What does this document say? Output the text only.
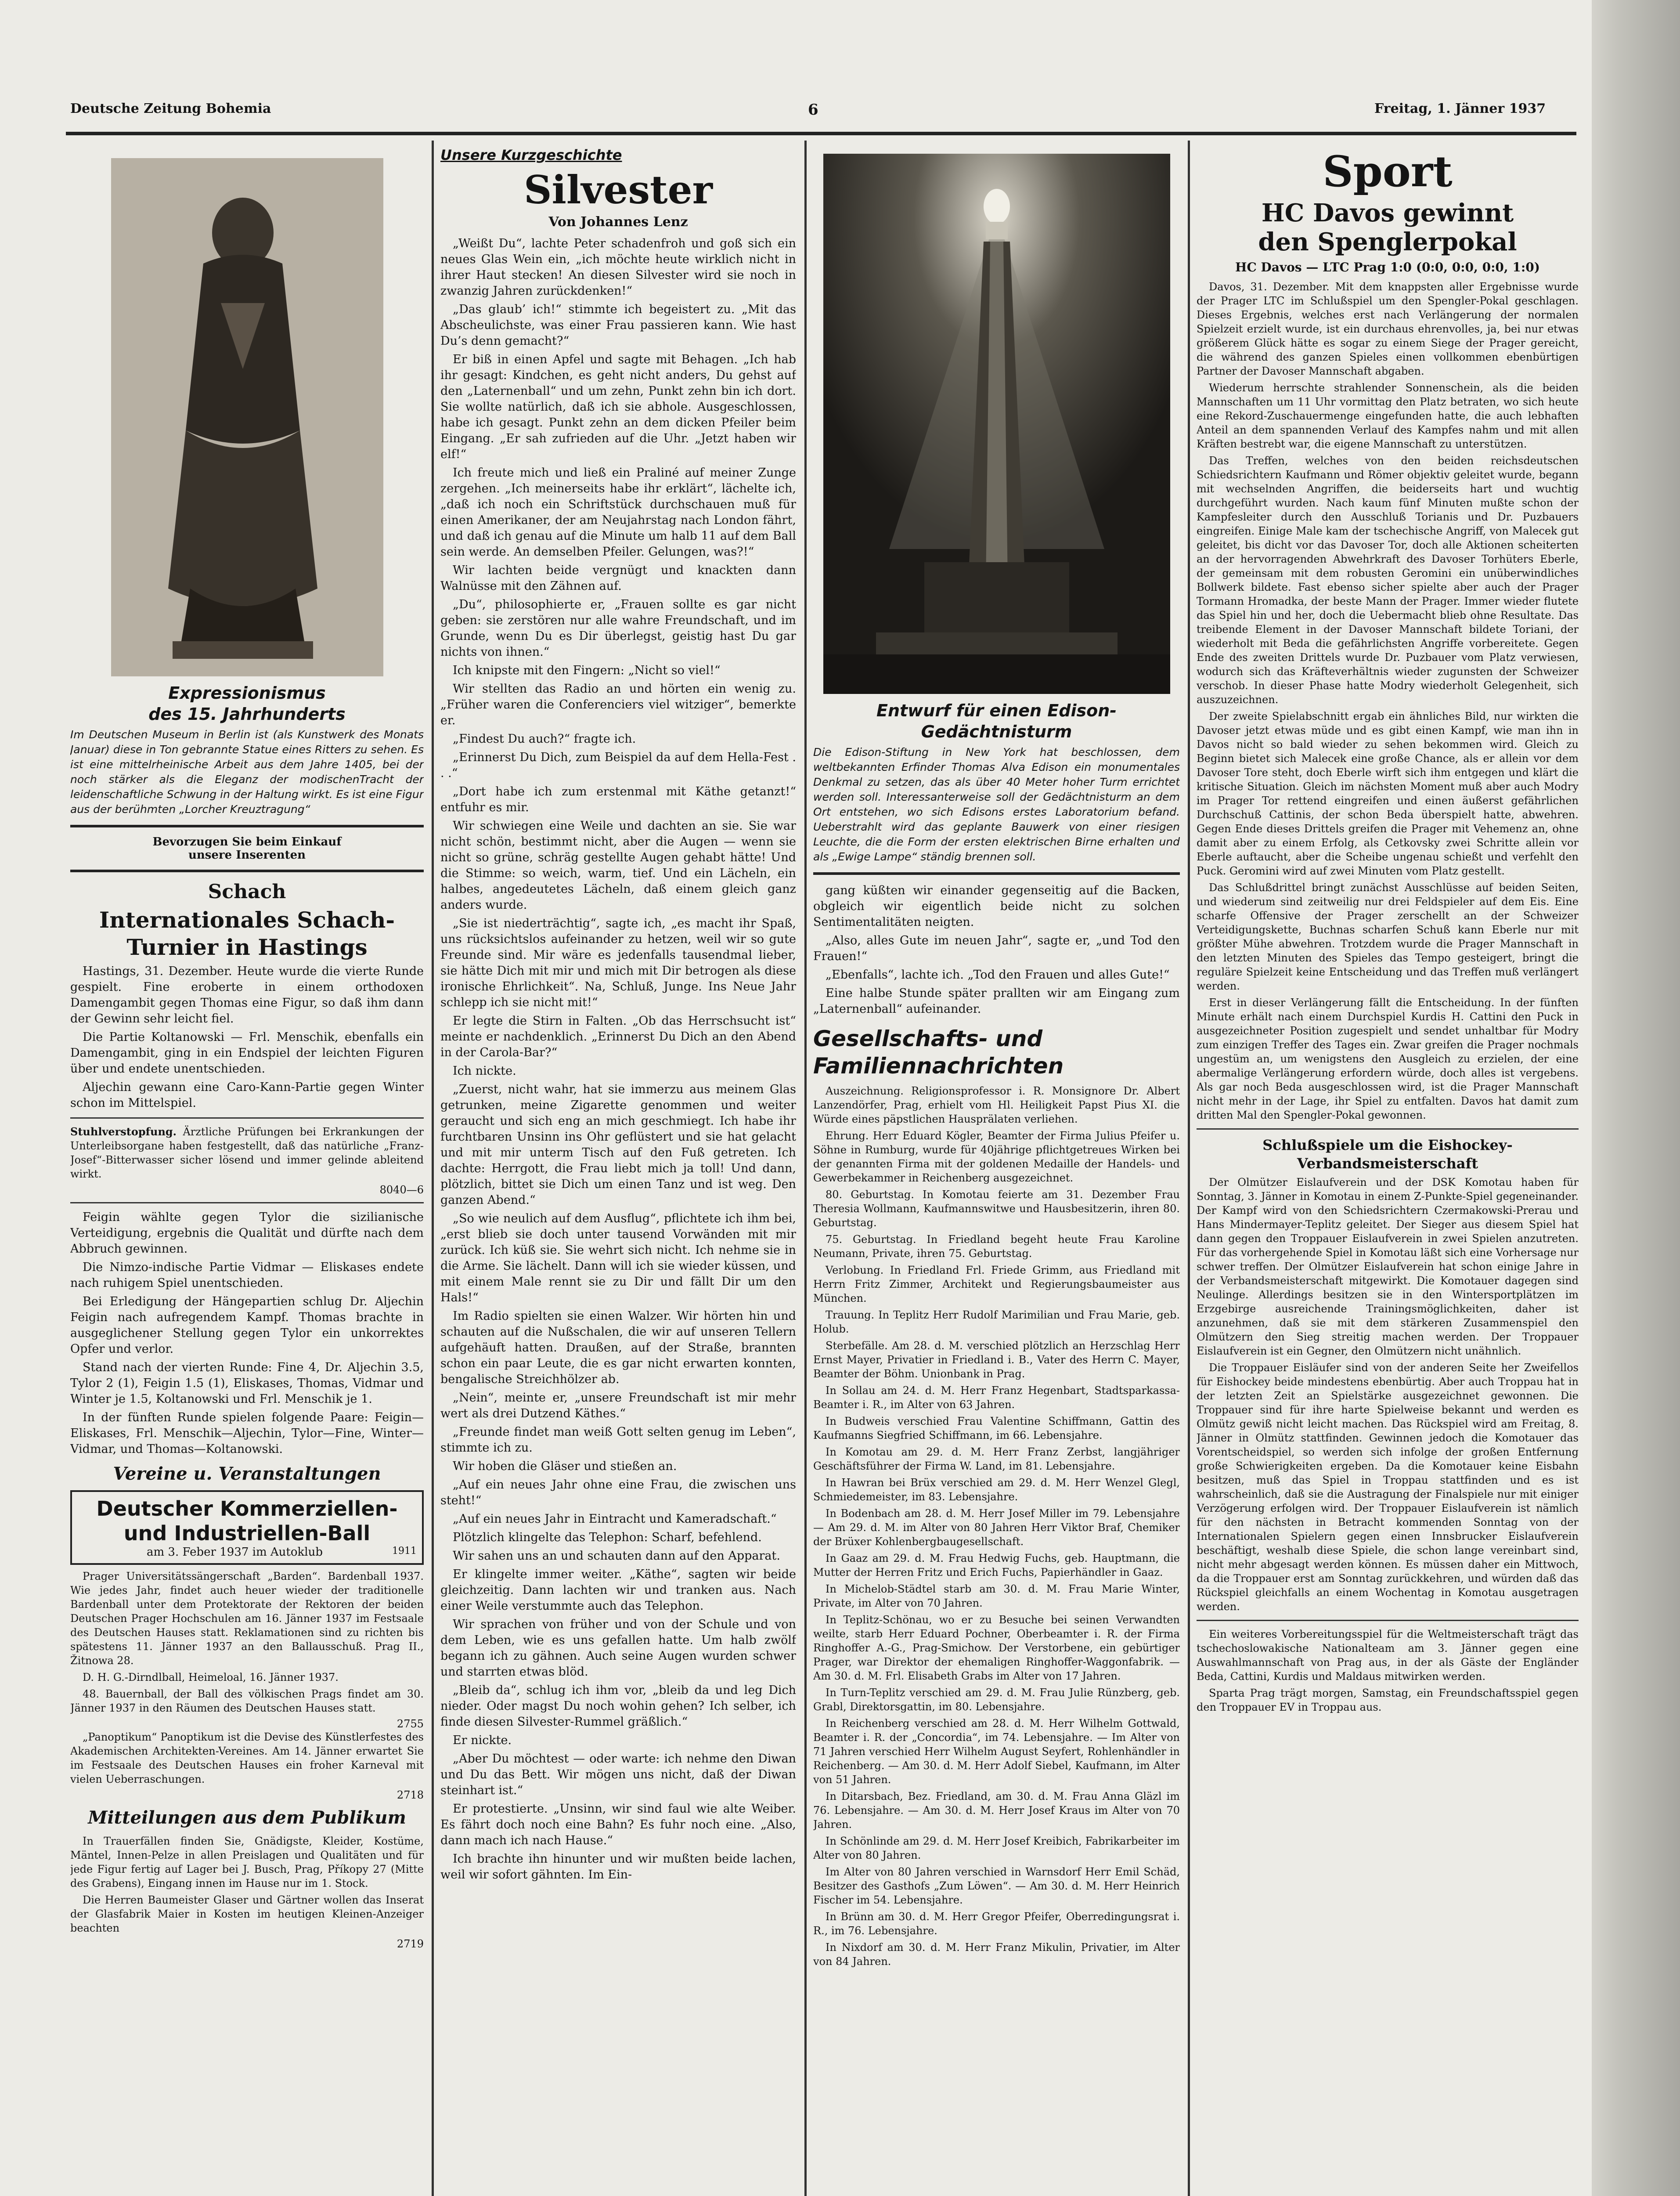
Deutsche Zeitung Bohemia	6	Freitag, 1. Jänner 1937
Expressionismus
des 15. Jahrhunderts
Im Deutschen Museum in Berlin ist (als Kunstwerk des Monats Januar) diese in Ton gebrannte Statue eines Ritters zu sehen. Es ist eine mittelrheinische Arbeit aus dem Jahre 1405, bei der noch stärker als die Eleganz der modischenTracht der leidenschaftliche Schwung in der Haltung wirkt. Es ist eine Figur aus der berühmten „Lorcher Kreuztragung“
Bevorzugen Sie beim Einkauf
unsere Inserenten
Schach
Internationales Schach-
Turnier in Hastings

Hastings, 31. Dezember. Heute wurde die vierte Runde gespielt. Fine eroberte in einem orthodoxen Damengambit gegen Thomas eine Figur, so daß ihm dann der Gewinn sehr leicht fiel.

Die Partie Koltanowski — Frl. Menschik, ebenfalls ein Damengambit, ging in ein Endspiel der leichten Figuren über und endete unentschieden.

Aljechin gewann eine Caro-Kann-Partie gegen Winter schon im Mittelspiel.

Stuhlverstopfung. Ärztliche Prüfungen bei Erkrankungen der Unterleibsorgane haben festgestellt, daß das natürliche „Franz-Josef“-Bitterwasser sicher lösend und immer gelinde ableitend wirkt.

8040—6

Feigin wählte gegen Tylor die sizilianische Verteidigung, ergebnis die Qualität und dürfte nach dem Abbruch gewinnen.

Die Nimzo-indische Partie Vidmar — Eliskases endete nach ruhigem Spiel unentschieden.

Bei Erledigung der Hängepartien schlug Dr. Aljechin Feigin nach aufregendem Kampf. Thomas brachte in ausgeglichener Stellung gegen Tylor ein unkorrektes Opfer und verlor.

Stand nach der vierten Runde: Fine 4, Dr. Aljechin 3.5, Tylor 2 (1), Feigin 1.5 (1), Eliskases, Thomas, Vidmar und Winter je 1.5, Koltanowski und Frl. Menschik je 1.

In der fünften Runde spielen folgende Paare: Feigin—Eliskases, Frl. Menschik—Aljechin, Tylor—Fine, Winter—Vidmar, und Thomas—Koltanowski.

Vereine u. Veranstaltungen
Deutscher Kommerziellen-
und Industriellen-Ball
am 3. Feber 1937 im Autoklub	1911

Prager Universitätssängerschaft „Barden“. Bardenball 1937. Wie jedes Jahr, findet auch heuer wieder der traditionelle Bardenball unter dem Protektorate der Rektoren der beiden Deutschen Prager Hochschulen am 16. Jänner 1937 im Festsaale des Deutschen Hauses statt. Reklamationen sind zu richten bis spätestens 11. Jänner 1937 an den Ballausschuß. Prag II., Žitnowa 28.

D. H. G.-Dirndlball, Heimeloal, 16. Jänner 1937.

48. Bauernball, der Ball des völkischen Prags findet am 30. Jänner 1937 in den Räumen des Deutschen Hauses statt.

2755

„Panoptikum“ Panoptikum ist die Devise des Künstlerfestes des Akademischen Architekten-Vereines. Am 14. Jänner erwartet Sie im Festsaale des Deutschen Hauses ein froher Karneval mit vielen Ueberraschungen.

2718
Mitteilungen aus dem Publikum

In Trauerfällen finden Sie, Gnädigste, Kleider, Kostüme, Mäntel, Innen-Pelze in allen Preislagen und Qualitäten und für jede Figur fertig auf Lager bei J. Busch, Prag, Příkopy 27 (Mitte des Grabens), Eingang innen im Hause nur im 1. Stock.

Die Herren Baumeister Glaser und Gärtner wollen das Inserat der Glasfabrik Maier in Kosten im heutigen Kleinen-Anzeiger beachten

2719
Unsere Kurzgeschichte
Silvester
Von Johannes Lenz

„Weißt Du“, lachte Peter schadenfroh und goß sich ein neues Glas Wein ein, „ich möchte heute wirklich nicht in ihrer Haut stecken! An diesen Silvester wird sie noch in zwanzig Jahren zurückdenken!“

„Das glaub’ ich!“ stimmte ich begeistert zu. „Mit das Abscheulichste, was einer Frau passieren kann. Wie hast Du’s denn gemacht?“

Er biß in einen Apfel und sagte mit Behagen. „Ich hab ihr gesagt: Kindchen, es geht nicht anders, Du gehst auf den „Laternenball“ und um zehn, Punkt zehn bin ich dort. Sie wollte natürlich, daß ich sie abhole. Ausgeschlossen, habe ich gesagt. Punkt zehn an dem dicken Pfeiler beim Eingang. „Er sah zufrieden auf die Uhr. „Jetzt haben wir elf!“

Ich freute mich und ließ ein Praliné auf meiner Zunge zergehen. „Ich meinerseits habe ihr erklärt“, lächelte ich, „daß ich noch ein Schriftstück durchschauen muß für einen Amerikaner, der am Neujahrstag nach London fährt, und daß ich genau auf die Minute um halb 11 auf dem Ball sein werde. An demselben Pfeiler. Gelungen, was?!“

Wir lachten beide vergnügt und knackten dann Walnüsse mit den Zähnen auf.

„Du“, philosophierte er, „Frauen sollte es gar nicht geben: sie zerstören nur alle wahre Freundschaft, und im Grunde, wenn Du es Dir überlegst, geistig hast Du gar nichts von ihnen.“

Ich knipste mit den Fingern: „Nicht so viel!“

Wir stellten das Radio an und hörten ein wenig zu. „Früher waren die Conferenciers viel witziger“, bemerkte er.

„Findest Du auch?“ fragte ich.

„Erinnerst Du Dich, zum Beispiel da auf dem Hella-Fest . . .“

„Dort habe ich zum erstenmal mit Käthe getanzt!“ entfuhr es mir.

Wir schwiegen eine Weile und dachten an sie. Sie war nicht schön, bestimmt nicht, aber die Augen — wenn sie nicht so grüne, schräg gestellte Augen gehabt hätte! Und die Stimme: so weich, warm, tief. Und ein Lächeln, ein halbes, angedeutetes Lächeln, daß einem gleich ganz anders wurde.

„Sie ist niederträchtig“, sagte ich, „es macht ihr Spaß, uns rücksichtslos aufeinander zu hetzen, weil wir so gute Freunde sind. Mir wäre es jedenfalls tausendmal lieber, sie hätte Dich mit mir und mich mit Dir betrogen als diese ironische Ehrlichkeit“. Na, Schluß, Junge. Ins Neue Jahr schlepp ich sie nicht mit!“

Er legte die Stirn in Falten. „Ob das Herrschsucht ist“ meinte er nachdenklich. „Erinnerst Du Dich an den Abend in der Carola-Bar?“

Ich nickte.

„Zuerst, nicht wahr, hat sie immerzu aus meinem Glas getrunken, meine Zigarette genommen und weiter geraucht und sich eng an mich geschmiegt. Ich habe ihr furchtbaren Unsinn ins Ohr geflüstert und sie hat gelacht und mit mir unterm Tisch auf den Fuß getreten. Ich dachte: Herrgott, die Frau liebt mich ja toll! Und dann, plötzlich, bittet sie Dich um einen Tanz und ist weg. Den ganzen Abend.“

„So wie neulich auf dem Ausflug“, pflichtete ich ihm bei, „erst blieb sie doch unter tausend Vorwänden mit mir zurück. Ich küß sie. Sie wehrt sich nicht. Ich nehme sie in die Arme. Sie lächelt. Dann will ich sie wieder küssen, und mit einem Male rennt sie zu Dir und fällt Dir um den Hals!“

Im Radio spielten sie einen Walzer. Wir hörten hin und schauten auf die Nußschalen, die wir auf unseren Tellern aufgehäuft hatten. Draußen, auf der Straße, brannten schon ein paar Leute, die es gar nicht erwarten konnten, bengalische Streichhölzer ab.

„Nein“, meinte er, „unsere Freundschaft ist mir mehr wert als drei Dutzend Käthes.“

„Freunde findet man weiß Gott selten genug im Leben“, stimmte ich zu.

Wir hoben die Gläser und stießen an.

„Auf ein neues Jahr ohne eine Frau, die zwischen uns steht!“

„Auf ein neues Jahr in Eintracht und Kameradschaft.“

Plötzlich klingelte das Telephon: Scharf, befehlend.

Wir sahen uns an und schauten dann auf den Apparat.

Er klingelte immer weiter. „Käthe“, sagten wir beide gleichzeitig. Dann lachten wir und tranken aus. Nach einer Weile verstummte auch das Telephon.

Wir sprachen von früher und von der Schule und von dem Leben, wie es uns gefallen hatte. Um halb zwölf begann ich zu gähnen. Auch seine Augen wurden schwer und starrten etwas blöd.

„Bleib da“, schlug ich ihm vor, „bleib da und leg Dich nieder. Oder magst Du noch wohin gehen? Ich selber, ich finde diesen Silvester-Rummel gräßlich.“

Er nickte.

„Aber Du möchtest — oder warte: ich nehme den Diwan und Du das Bett. Wir mögen uns nicht, daß der Diwan steinhart ist.“

Er protestierte. „Unsinn, wir sind faul wie alte Weiber. Es fährt doch noch eine Bahn? Es fuhr noch eine. „Also, dann mach ich nach Hause.“

Ich brachte ihn hinunter und wir mußten beide lachen, weil wir sofort gähnten. Im Ein-

Entwurf für einen Edison-
Gedächtnisturm
Die Edison-Stiftung in New York hat beschlossen, dem weltbekannten Erfinder Thomas Alva Edison ein monumentales Denkmal zu setzen, das als über 40 Meter hoher Turm errichtet werden soll. Interessanterweise soll der Gedächtnisturm an dem Ort entstehen, wo sich Edisons erstes Laboratorium befand. Ueberstrahlt wird das geplante Bauwerk von einer riesigen Leuchte, die die Form der ersten elektrischen Birne erhalten und als „Ewige Lampe“ ständig brennen soll.

gang küßten wir einander gegenseitig auf die Backen, obgleich wir eigentlich beide nicht zu solchen Sentimentalitäten neigten.

„Also, alles Gute im neuen Jahr“, sagte er, „und Tod den Frauen!“

„Ebenfalls“, lachte ich. „Tod den Frauen und alles Gute!“

Eine halbe Stunde später prallten wir am Eingang zum „Laternenball“ aufeinander.

Gesellschafts- und
Familiennachrichten

Auszeichnung. Religionsprofessor i. R. Monsignore Dr. Albert Lanzendörfer, Prag, erhielt vom Hl. Heiligkeit Papst Pius XI. die Würde eines päpstlichen Hausprälaten verliehen.

Ehrung. Herr Eduard Kögler, Beamter der Firma Julius Pfeifer u. Söhne in Rumburg, wurde für 40jährige pflichtgetreues Wirken bei der genannten Firma mit der goldenen Medaille der Handels- und Gewerbekammer in Reichenberg ausgezeichnet.

80. Geburtstag. In Komotau feierte am 31. Dezember Frau Theresia Wollmann, Kaufmannswitwe und Hausbesitzerin, ihren 80. Geburtstag.

75. Geburtstag. In Friedland begeht heute Frau Karoline Neumann, Private, ihren 75. Geburtstag.

Verlobung. In Friedland Frl. Friede Grimm, aus Friedland mit Herrn Fritz Zimmer, Architekt und Regierungsbaumeister aus München.

Trauung. In Teplitz Herr Rudolf Marimilian und Frau Marie, geb. Holub.

Sterbefälle. Am 28. d. M. verschied plötzlich an Herzschlag Herr Ernst Mayer, Privatier in Friedland i. B., Vater des Herrn C. Mayer, Beamter der Böhm. Unionbank in Prag.

In Sollau am 24. d. M. Herr Franz Hegenbart, Stadtsparkassa-Beamter i. R., im Alter von 63 Jahren.

In Budweis verschied Frau Valentine Schiffmann, Gattin des Kaufmanns Siegfried Schiffmann, im 66. Lebensjahre.

In Komotau am 29. d. M. Herr Franz Zerbst, langjähriger Geschäftsführer der Firma W. Land, im 81. Lebensjahre.

In Hawran bei Brüx verschied am 29. d. M. Herr Wenzel Glegl, Schmiedemeister, im 83. Lebensjahre.

In Bodenbach am 28. d. M. Herr Josef Miller im 79. Lebensjahre — Am 29. d. M. im Alter von 80 Jahren Herr Viktor Braf, Chemiker der Brüxer Kohlenbergbaugesellschaft.

In Gaaz am 29. d. M. Frau Hedwig Fuchs, geb. Hauptmann, die Mutter der Herren Fritz und Erich Fuchs, Papierhändler in Gaaz.

In Michelob-Städtel starb am 30. d. M. Frau Marie Winter, Private, im Alter von 70 Jahren.

In Teplitz-Schönau, wo er zu Besuche bei seinen Verwandten weilte, starb Herr Eduard Pochner, Oberbeamter i. R. der Firma Ringhoffer A.-G., Prag-Smichow. Der Verstorbene, ein gebürtiger Prager, war Direktor der ehemaligen Ringhoffer-Waggonfabrik. — Am 30. d. M. Frl. Elisabeth Grabs im Alter von 17 Jahren.

In Turn-Teplitz verschied am 29. d. M. Frau Julie Rünzberg, geb. Grabl, Direktorsgattin, im 80. Lebensjahre.

In Reichenberg verschied am 28. d. M. Herr Wilhelm Gottwald, Beamter i. R. der „Concordia“, im 74. Lebensjahre. — Im Alter von 71 Jahren verschied Herr Wilhelm August Seyfert, Rohlenhändler in Reichenberg. — Am 30. d. M. Herr Adolf Siebel, Kaufmann, im Alter von 51 Jahren.

In Ditarsbach, Bez. Friedland, am 30. d. M. Frau Anna Gläzl im 76. Lebensjahre. — Am 30. d. M. Herr Josef Kraus im Alter von 70 Jahren.

In Schönlinde am 29. d. M. Herr Josef Kreibich, Fabrikarbeiter im Alter von 80 Jahren.

Im Alter von 80 Jahren verschied in Warnsdorf Herr Emil Schäd, Besitzer des Gasthofs „Zum Löwen“. — Am 30. d. M. Herr Heinrich Fischer im 54. Lebensjahre.

In Brünn am 30. d. M. Herr Gregor Pfeifer, Oberredingungsrat i. R., im 76. Lebensjahre.

In Nixdorf am 30. d. M. Herr Franz Mikulin, Privatier, im Alter von 84 Jahren.

Sport
HC Davos gewinnt
den Spenglerpokal
HC Davos — LTC Prag 1:0 (0:0, 0:0, 0:0, 1:0)

Davos, 31. Dezember. Mit dem knappsten aller Ergebnisse wurde der Prager LTC im Schlußspiel um den Spengler-Pokal geschlagen. Dieses Ergebnis, welches erst nach Verlängerung der normalen Spielzeit erzielt wurde, ist ein durchaus ehrenvolles, ja, bei nur etwas größerem Glück hätte es sogar zu einem Siege der Prager gereicht, die während des ganzen Spieles einen vollkommen ebenbürtigen Partner der Davoser Mannschaft abgaben.

Wiederum herrschte strahlender Sonnenschein, als die beiden Mannschaften um 11 Uhr vormittag den Platz betraten, wo sich heute eine Rekord-Zuschauermenge eingefunden hatte, die auch lebhaften Anteil an dem spannenden Verlauf des Kampfes nahm und mit allen Kräften bestrebt war, die eigene Mannschaft zu unterstützen.

Das Treffen, welches von den beiden reichsdeutschen Schiedsrichtern Kaufmann und Römer objektiv geleitet wurde, begann mit wechselnden Angriffen, die beiderseits hart und wuchtig durchgeführt wurden. Nach kaum fünf Minuten mußte schon der Kampfesleiter durch den Ausschluß Torianis und Dr. Puzbauers eingreifen. Einige Male kam der tschechische Angriff, von Malecek gut geleitet, bis dicht vor das Davoser Tor, doch alle Aktionen scheiterten an der hervorragenden Abwehrkraft des Davoser Torhüters Eberle, der gemeinsam mit dem robusten Geromini ein unüberwindliches Bollwerk bildete. Fast ebenso sicher spielte aber auch der Prager Tormann Hromadka, der beste Mann der Prager. Immer wieder flutete das Spiel hin und her, doch die Uebermacht blieb ohne Resultate. Das treibende Element in der Davoser Mannschaft bildete Toriani, der wiederholt mit Beda die gefährlichsten Angriffe vorbereitete. Gegen Ende des zweiten Drittels wurde Dr. Puzbauer vom Platz verwiesen, wodurch sich das Kräfteverhältnis wieder zugunsten der Schweizer verschob. In dieser Phase hatte Modry wiederholt Gelegenheit, sich auszuzeichnen.

Der zweite Spielabschnitt ergab ein ähnliches Bild, nur wirkten die Davoser jetzt etwas müde und es gibt einen Kampf, wie man ihn in Davos nicht so bald wieder zu sehen bekommen wird. Gleich zu Beginn bietet sich Malecek eine große Chance, als er allein vor dem Davoser Tore steht, doch Eberle wirft sich ihm entgegen und klärt die kritische Situation. Gleich im nächsten Moment muß aber auch Modry im Prager Tor rettend eingreifen und einen äußerst gefährlichen Durchschuß Cattinis, der schon Beda überspielt hatte, abwehren. Gegen Ende dieses Drittels greifen die Prager mit Vehemenz an, ohne damit aber zu einem Erfolg, als Cetkovsky zwei Schritte allein vor Eberle auftaucht, aber die Scheibe ungenau schießt und verfehlt den Puck. Geromini wird auf zwei Minuten vom Platz gestellt.

Das Schlußdrittel bringt zunächst Ausschlüsse auf beiden Seiten, und wiederum sind zeitweilig nur drei Feldspieler auf dem Eis. Eine scharfe Offensive der Prager zerschellt an der Schweizer Verteidigungskette, Buchnas scharfen Schuß kann Eberle nur mit größter Mühe abwehren. Trotzdem wurde die Prager Mannschaft in den letzten Minuten des Spieles das Tempo gesteigert, bringt die reguläre Spielzeit keine Entscheidung und das Treffen muß verlängert werden.

Erst in dieser Verlängerung fällt die Entscheidung. In der fünften Minute erhält nach einem Durchspiel Kurdis H. Cattini den Puck in ausgezeichneter Position zugespielt und sendet unhaltbar für Modry zum einzigen Treffer des Tages ein. Zwar greifen die Prager nochmals ungestüm an, um wenigstens den Ausgleich zu erzielen, der eine abermalige Verlängerung erfordern würde, doch alles ist vergebens. Als gar noch Beda ausgeschlossen wird, ist die Prager Mannschaft nicht mehr in der Lage, ihr Spiel zu entfalten. Davos hat damit zum dritten Mal den Spengler-Pokal gewonnen.

Schlußspiele um die Eishockey-
Verbandsmeisterschaft

Der Olmützer Eislaufverein und der DSK Komotau haben für Sonntag, 3. Jänner in Komotau in einem Z-Punkte-Spiel gegeneinander. Der Kampf wird von den Schiedsrichtern Czermakowski-Prerau und Hans Mindermayer-Teplitz geleitet. Der Sieger aus diesem Spiel hat dann gegen den Troppauer Eislaufverein in zwei Spielen anzutreten. Für das vorhergehende Spiel in Komotau läßt sich eine Vorhersage nur schwer treffen. Der Olmützer Eislaufverein hat schon einige Jahre in der Verbandsmeisterschaft mitgewirkt. Die Komotauer dagegen sind Neulinge. Allerdings besitzen sie in den Wintersportplätzen im Erzgebirge ausreichende Trainingsmöglichkeiten, daher ist anzunehmen, daß sie mit dem stärkeren Zusammenspiel den Olmützern den Sieg streitig machen werden. Der Troppauer Eislaufverein ist ein Gegner, den Olmützern nicht unähnlich.

Die Troppauer Eisläufer sind von der anderen Seite her Zweifellos für Eishockey beide mindestens ebenbürtig. Aber auch Troppau hat in der letzten Zeit an Spielstärke ausgezeichnet gewonnen. Die Troppauer sind für ihre harte Spielweise bekannt und werden es Olmütz gewiß nicht leicht machen. Das Rückspiel wird am Freitag, 8. Jänner in Olmütz stattfinden. Gewinnen jedoch die Komotauer das Vorentscheidspiel, so werden sich infolge der großen Entfernung große Schwierigkeiten ergeben. Da die Komotauer keine Eisbahn besitzen, muß das Spiel in Troppau stattfinden und es ist wahrscheinlich, daß sie die Austragung der Finalspiele nur mit einiger Verzögerung erfolgen wird. Der Troppauer Eislaufverein ist nämlich für den nächsten in Betracht kommenden Sonntag von der Internationalen Spielern gegen einen Innsbrucker Eislaufverein beschäftigt, weshalb diese Spiele, die schon lange vereinbart sind, nicht mehr abgesagt werden können. Es müssen daher ein Mittwoch, da die Troppauer erst am Sonntag zurückkehren, und würden daß das Rückspiel gleichfalls an einem Wochentag in Komotau ausgetragen werden.

Ein weiteres Vorbereitungsspiel für die Weltmeisterschaft trägt das tschechoslowakische Nationalteam am 3. Jänner gegen eine Auswahlmannschaft von Prag aus, in der als Gäste der Engländer Beda, Cattini, Kurdis und Maldaus mitwirken werden.

Sparta Prag trägt morgen, Samstag, ein Freundschaftsspiel gegen den Troppauer EV in Troppau aus.
